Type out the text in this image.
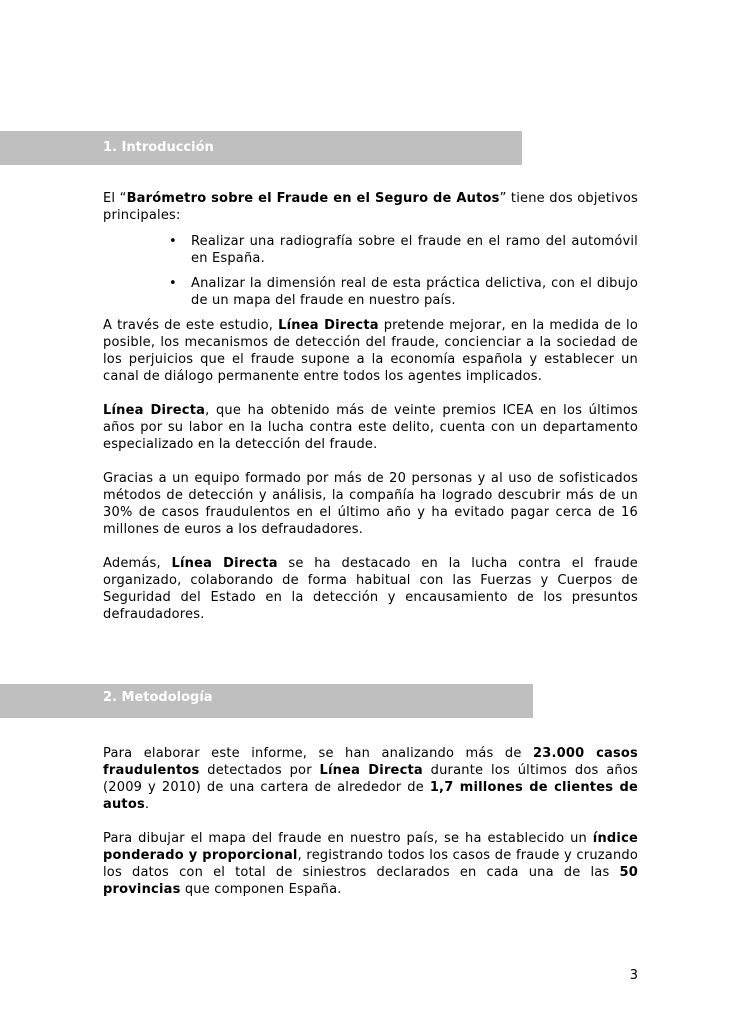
1. Introducción

El “Barómetro sobre el Fraude en el Seguro de Autos” tiene dos objetivos principales:

• Realizar una radiografía sobre el fraude en el ramo del automóvil en España.
• Analizar la dimensión real de esta práctica delictiva, con el dibujo de un mapa del fraude en nuestro país.

A través de este estudio, Línea Directa pretende mejorar, en la medida de lo posible, los mecanismos de detección del fraude, concienciar a la sociedad de los perjuicios que el fraude supone a la economía española y establecer un canal de diálogo permanente entre todos los agentes implicados.

Línea Directa, que ha obtenido más de veinte premios ICEA en los últimos años por su labor en la lucha contra este delito, cuenta con un departamento especializado en la detección del fraude.

Gracias a un equipo formado por más de 20 personas y al uso de sofisticados métodos de detección y análisis, la compañía ha logrado descubrir más de un 30% de casos fraudulentos en el último año y ha evitado pagar cerca de 16 millones de euros a los defraudadores.

Además, Línea Directa se ha destacado en la lucha contra el fraude organizado, colaborando de forma habitual con las Fuerzas y Cuerpos de Seguridad del Estado en la detección y encausamiento de los presuntos defraudadores.

2. Metodología

Para elaborar este informe, se han analizando más de 23.000 casos fraudulentos detectados por Línea Directa durante los últimos dos años (2009 y 2010) de una cartera de alrededor de 1,7 millones de clientes de autos.

Para dibujar el mapa del fraude en nuestro país, se ha establecido un índice ponderado y proporcional, registrando todos los casos de fraude y cruzando los datos con el total de siniestros declarados en cada una de las 50 provincias que componen España.

3
